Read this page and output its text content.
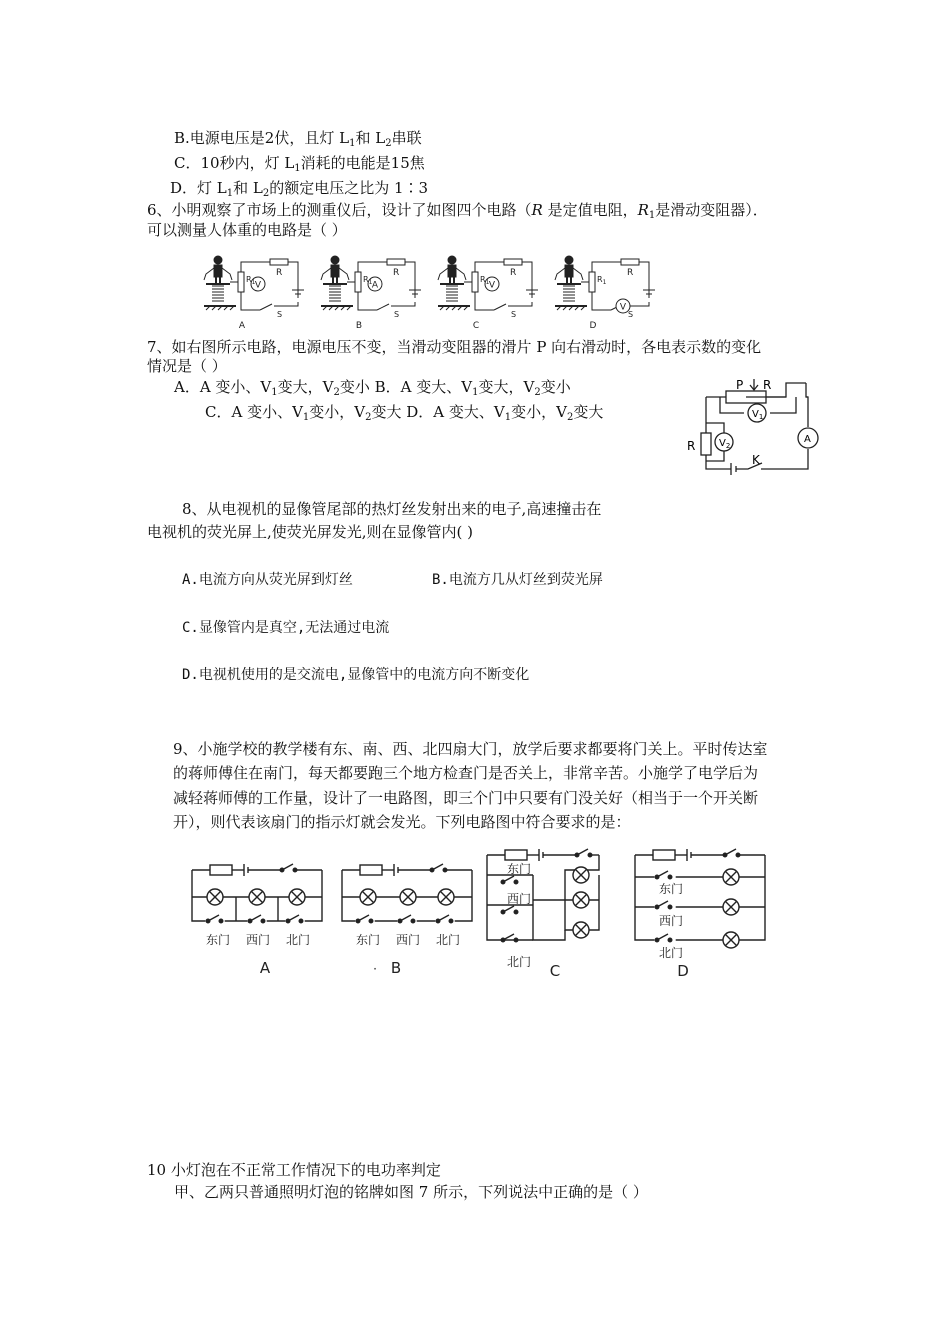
B.电源电压是2伏，且灯 $L_1$和 $L_2$串联
C．10秒内，灯 $L_1$消耗的电能是15焦
D．灯 $L_1$和 $L_2$的额定电压之比为 1∶3
6、小明观察了市场上的测重仪后，设计了如图四个电路（R 是定值电阻，$R_1$是滑动变阻器）．
可以测量人体重的电路是（ ）
R
S
V
$R_1$
A
R
S
A
$R_1$
B
R
S
V
$R_1$
C
R
S
V
$R_1$
D
7、如右图所示电路，电源电压不变，当滑动变阻器的滑片 P 向右滑动时，各电表示数的变化
情况是（ ）
A．A 变小、$V_1$变大，$V_2$变小 B．A 变大、$V_1$变大，$V_2$变小
C．A 变小、$V_1$变小，$V_2$变大 D．A 变大、$V_1$变小，$V_2$变大
P R
R
$V_1$
$V_2$
A
K
8、从电视机的显像管尾部的热灯丝发射出来的电子,高速撞击在
电视机的荧光屏上,使荧光屏发光,则在显像管内( )
A.电流方向从荧光屏到灯丝	B.电流方几从灯丝到荧光屏
C.显像管内是真空,无法通过电流
D.电视机使用的是交流电,显像管中的电流方向不断变化
9、小施学校的教学楼有东、南、西、北四扇大门，放学后要求都要将门关上。平时传达室
的蒋师傅住在南门，每天都要跑三个地方检查门是否关上，非常辛苦。小施学了电学后为
减轻蒋师傅的工作量，设计了一电路图，即三个门中只要有门没关好（相当于一个开关断
开），则代表该扇门的指示灯就会发光。下列电路图中符合要求的是：
东门 西门 北门
A
东门 西门 北门
· B
东门
西门
北门 C
东门
西门
北门
D
10 小灯泡在不正常工作情况下的电功率判定
甲、乙两只普通照明灯泡的铭牌如图 7 所示，下列说法中正确的是（ ）
